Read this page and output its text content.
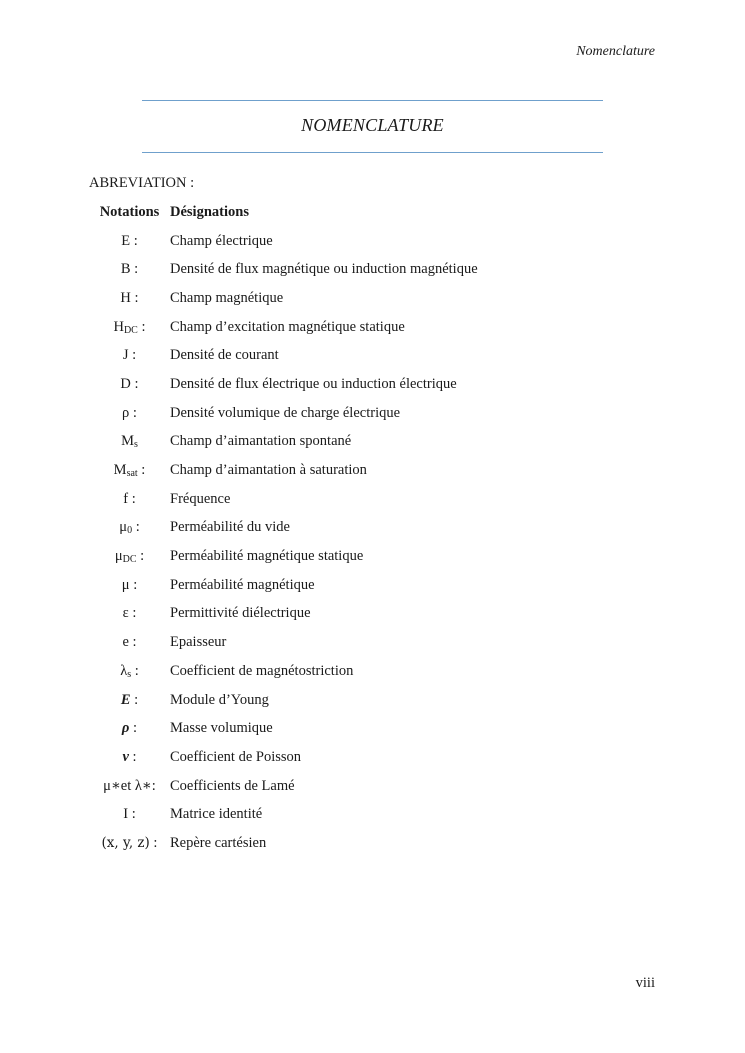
Nomenclature
NOMENCLATURE
ABREVIATION :
Notations	Désignations
E :	Champ électrique
B :	Densité de flux magnétique ou induction magnétique
H :	Champ magnétique
$H_{DC}$ :	Champ d’excitation magnétique statique
J :	Densité de courant
D :	Densité de flux électrique ou induction électrique
ρ :	Densité volumique de charge électrique
$M_s$	Champ d’aimantation spontané
$M_{sat}$ :	Champ d’aimantation à saturation
f :	Fréquence
$\mu_0$ :	Perméabilité du vide
$\mu_{DC}$ :	Perméabilité magnétique statique
μ :	Perméabilité magnétique
ε :	Permittivité diélectrique
e :	Epaisseur
$\lambda_s$ :	Coefficient de magnétostriction
E :	Module d’Young
ρ :	Masse volumique
ν :	Coefficient de Poisson
μ∗et λ∗:	Coefficients de Lamé
I :	Matrice identité
(x, y, z) :	Repère cartésien
viii
